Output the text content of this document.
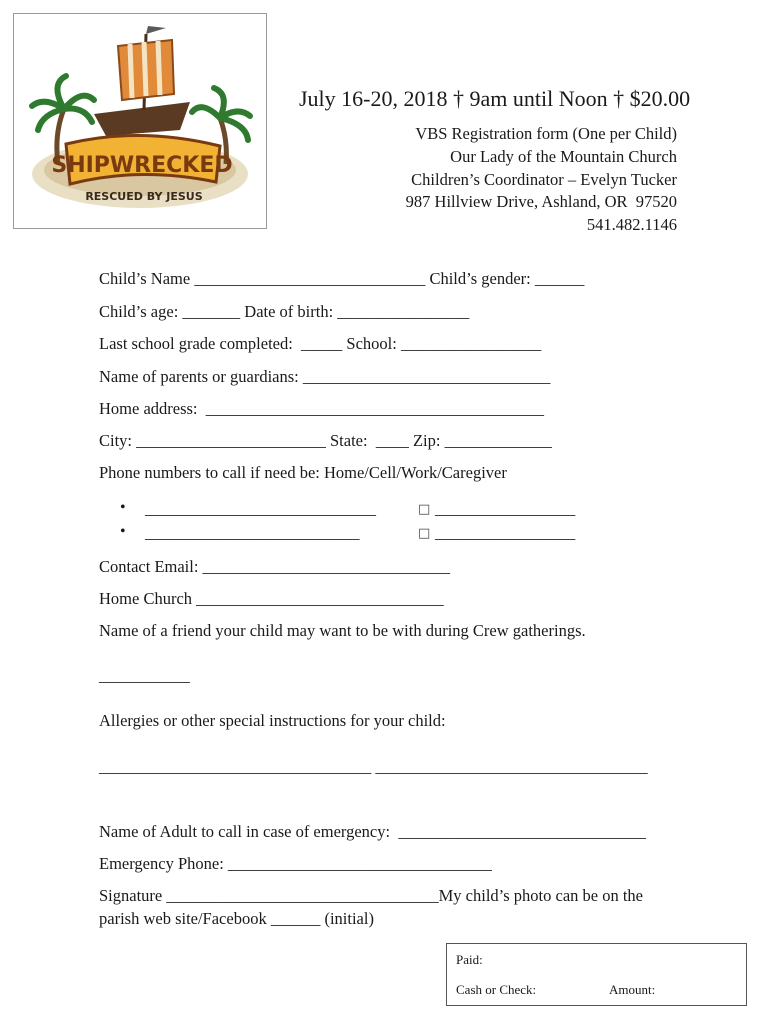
SHIPWRECKED
RESCUED BY JESUS
July 16-20, 2018 † 9am until Noon † $20.00
VBS Registration form (One per Child)
Our Lady of the Mountain Church
Children’s Coordinator – Evelyn Tucker
987 Hillview Drive, Ashland, OR  97520
541.482.1146
Child’s Name ____________________________ Child’s gender: ______
Child’s age: _______ Date of birth: ________________
Last school grade completed:  _____ School: _________________
Name of parents or guardians: ______________________________
Home address:  _________________________________________
City: _______________________ State:  ____ Zip: _____________
Phone numbers to call if need be: Home/Cell/Work/Caregiver
• ____________________________	□ _________________
• __________________________	□ _________________
Contact Email: ______________________________
Home Church ______________________________
Name of a friend your child may want to be with during Crew gatherings.
___________
Allergies or other special instructions for your child:
_________________________________ _________________________________
Name of Adult to call in case of emergency:  ______________________________
Emergency Phone: ________________________________
Signature _________________________________My child’s photo can be on the
parish web site/Facebook ______ (initial)
Paid:
Cash or Check:	Amount:
